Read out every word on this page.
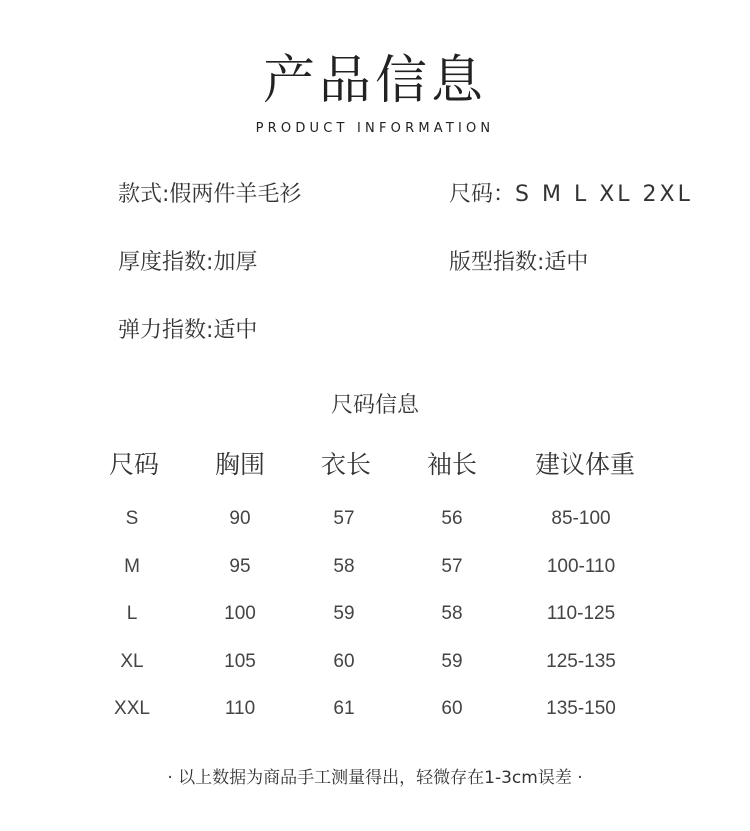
产品信息
PRODUCT INFORMATION
款式:假两件羊毛衫	尺码：S M L XL 2XL
厚度指数:加厚	版型指数:适中
弹力指数:适中
尺码信息
尺码 胸围 衣长 袖长 建议体重
S	90	57	56	85-100
M	95	58	57	100-110
L	100	59	58	110-125
XL	105	60	59	125-135
XXL	110	61	60	135-150
· 以上数据为商品手工测量得出，轻微存在1-3cm误差 ·
